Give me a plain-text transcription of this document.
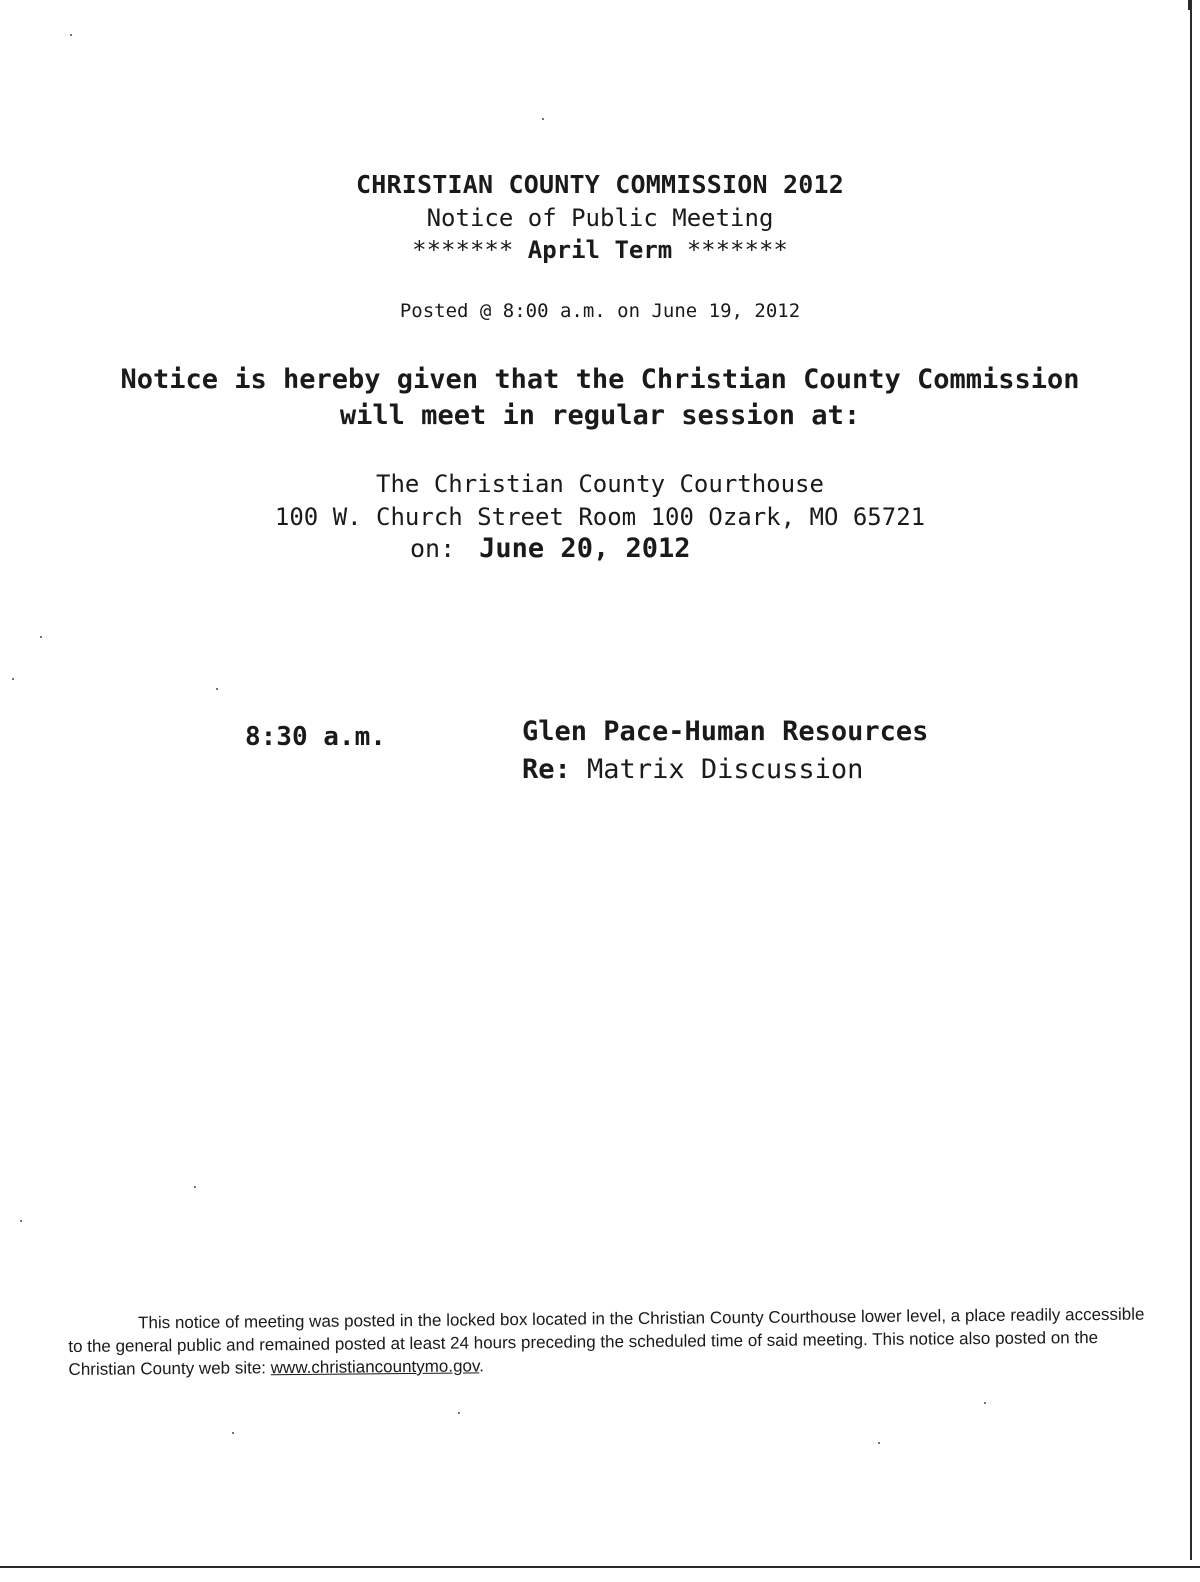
CHRISTIAN COUNTY COMMISSION 2012
Notice of Public Meeting
******* April Term *******
Posted @ 8:00 a.m. on June 19, 2012
Notice is hereby given that the Christian County Commission
will meet in regular session at:
The Christian County Courthouse
100 W. Church Street Room 100 Ozark, MO 65721
on: June 20, 2012
8:30 a.m.	Glen Pace-Human Resources
Re: Matrix Discussion
This notice of meeting was posted in the locked box located in the Christian County Courthouse lower level, a place readily accessible to the general public and remained posted at least 24 hours preceding the scheduled time of said meeting. This notice also posted on the Christian County web site: www.christiancountymo.gov.
